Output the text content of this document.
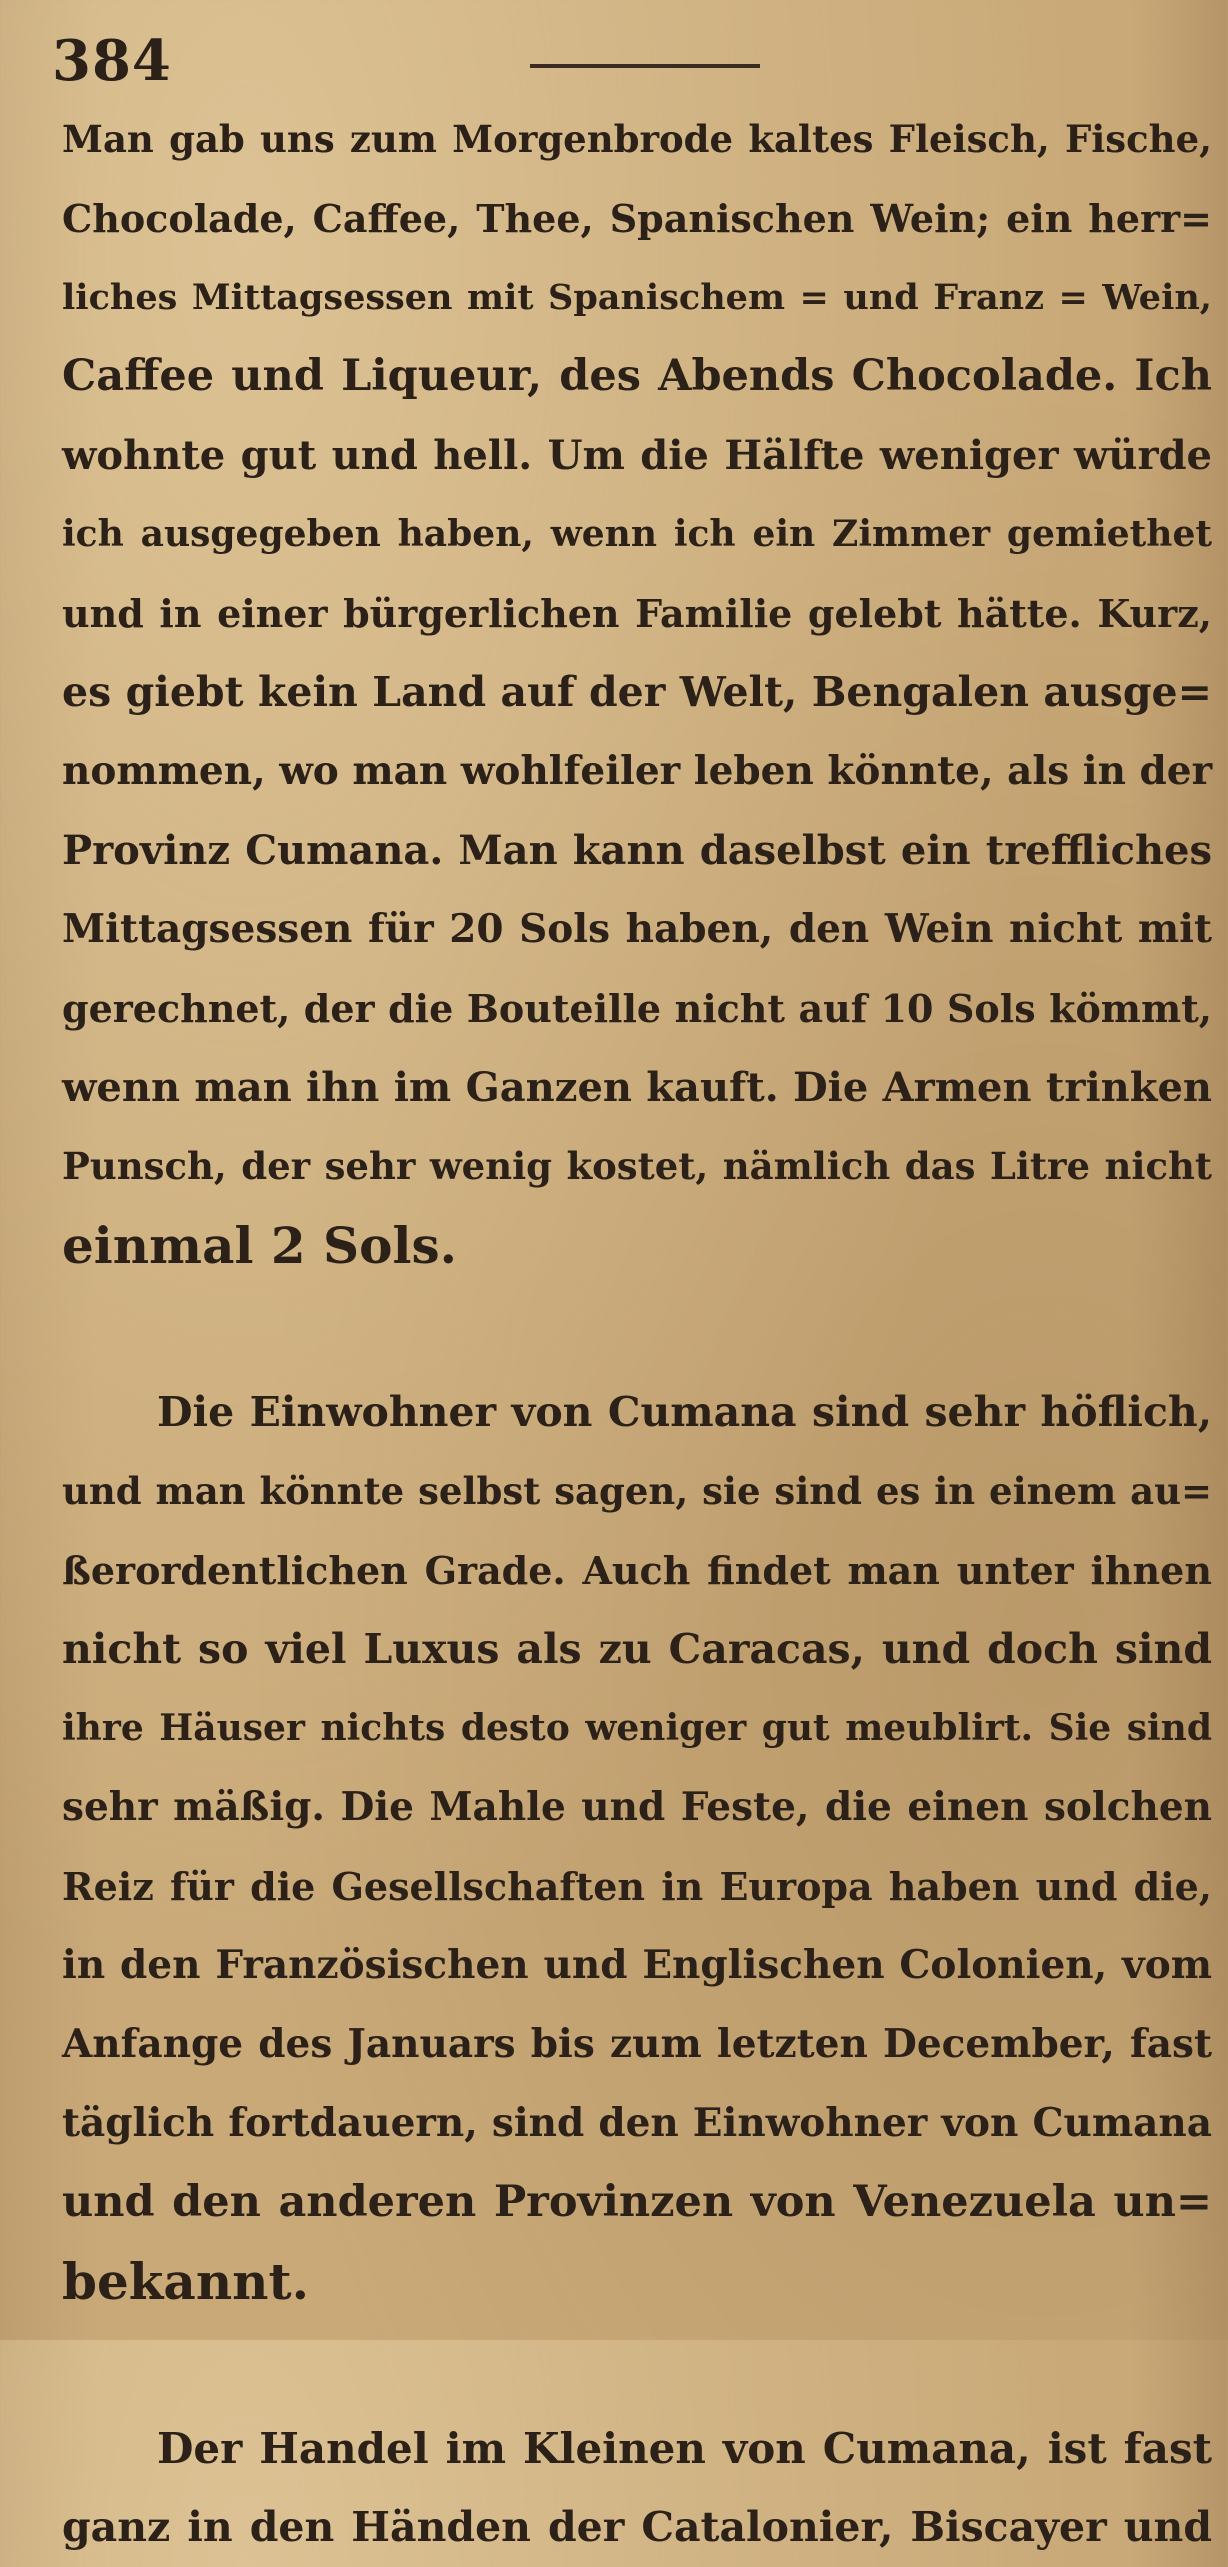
384
Man gab uns zum Morgenbrode kaltes Fleisch, Fische,
Chocolade, Caffee, Thee, Spanischen Wein; ein herr=
liches Mittagsessen mit Spanischem = und Franz = Wein,
Caffee und Liqueur, des Abends Chocolade. Ich
wohnte gut und hell. Um die Hälfte weniger würde
ich ausgegeben haben, wenn ich ein Zimmer gemiethet
und in einer bürgerlichen Familie gelebt hätte. Kurz,
es giebt kein Land auf der Welt, Bengalen ausge=
nommen, wo man wohlfeiler leben könnte, als in der
Provinz Cumana. Man kann daselbst ein treffliches
Mittagsessen für 20 Sols haben, den Wein nicht mit
gerechnet, der die Bouteille nicht auf 10 Sols kömmt,
wenn man ihn im Ganzen kauft. Die Armen trinken
Punsch, der sehr wenig kostet, nämlich das Litre nicht
einmal 2 Sols.
Die Einwohner von Cumana sind sehr höflich,
und man könnte selbst sagen, sie sind es in einem au=
ßerordentlichen Grade. Auch findet man unter ihnen
nicht so viel Luxus als zu Caracas, und doch sind
ihre Häuser nichts desto weniger gut meublirt. Sie sind
sehr mäßig. Die Mahle und Feste, die einen solchen
Reiz für die Gesellschaften in Europa haben und die,
in den Französischen und Englischen Colonien, vom
Anfange des Januars bis zum letzten December, fast
täglich fortdauern, sind den Einwohner von Cumana
und den anderen Provinzen von Venezuela un=
bekannt.
Der Handel im Kleinen von Cumana, ist fast
ganz in den Händen der Catalonier, Biscayer und
